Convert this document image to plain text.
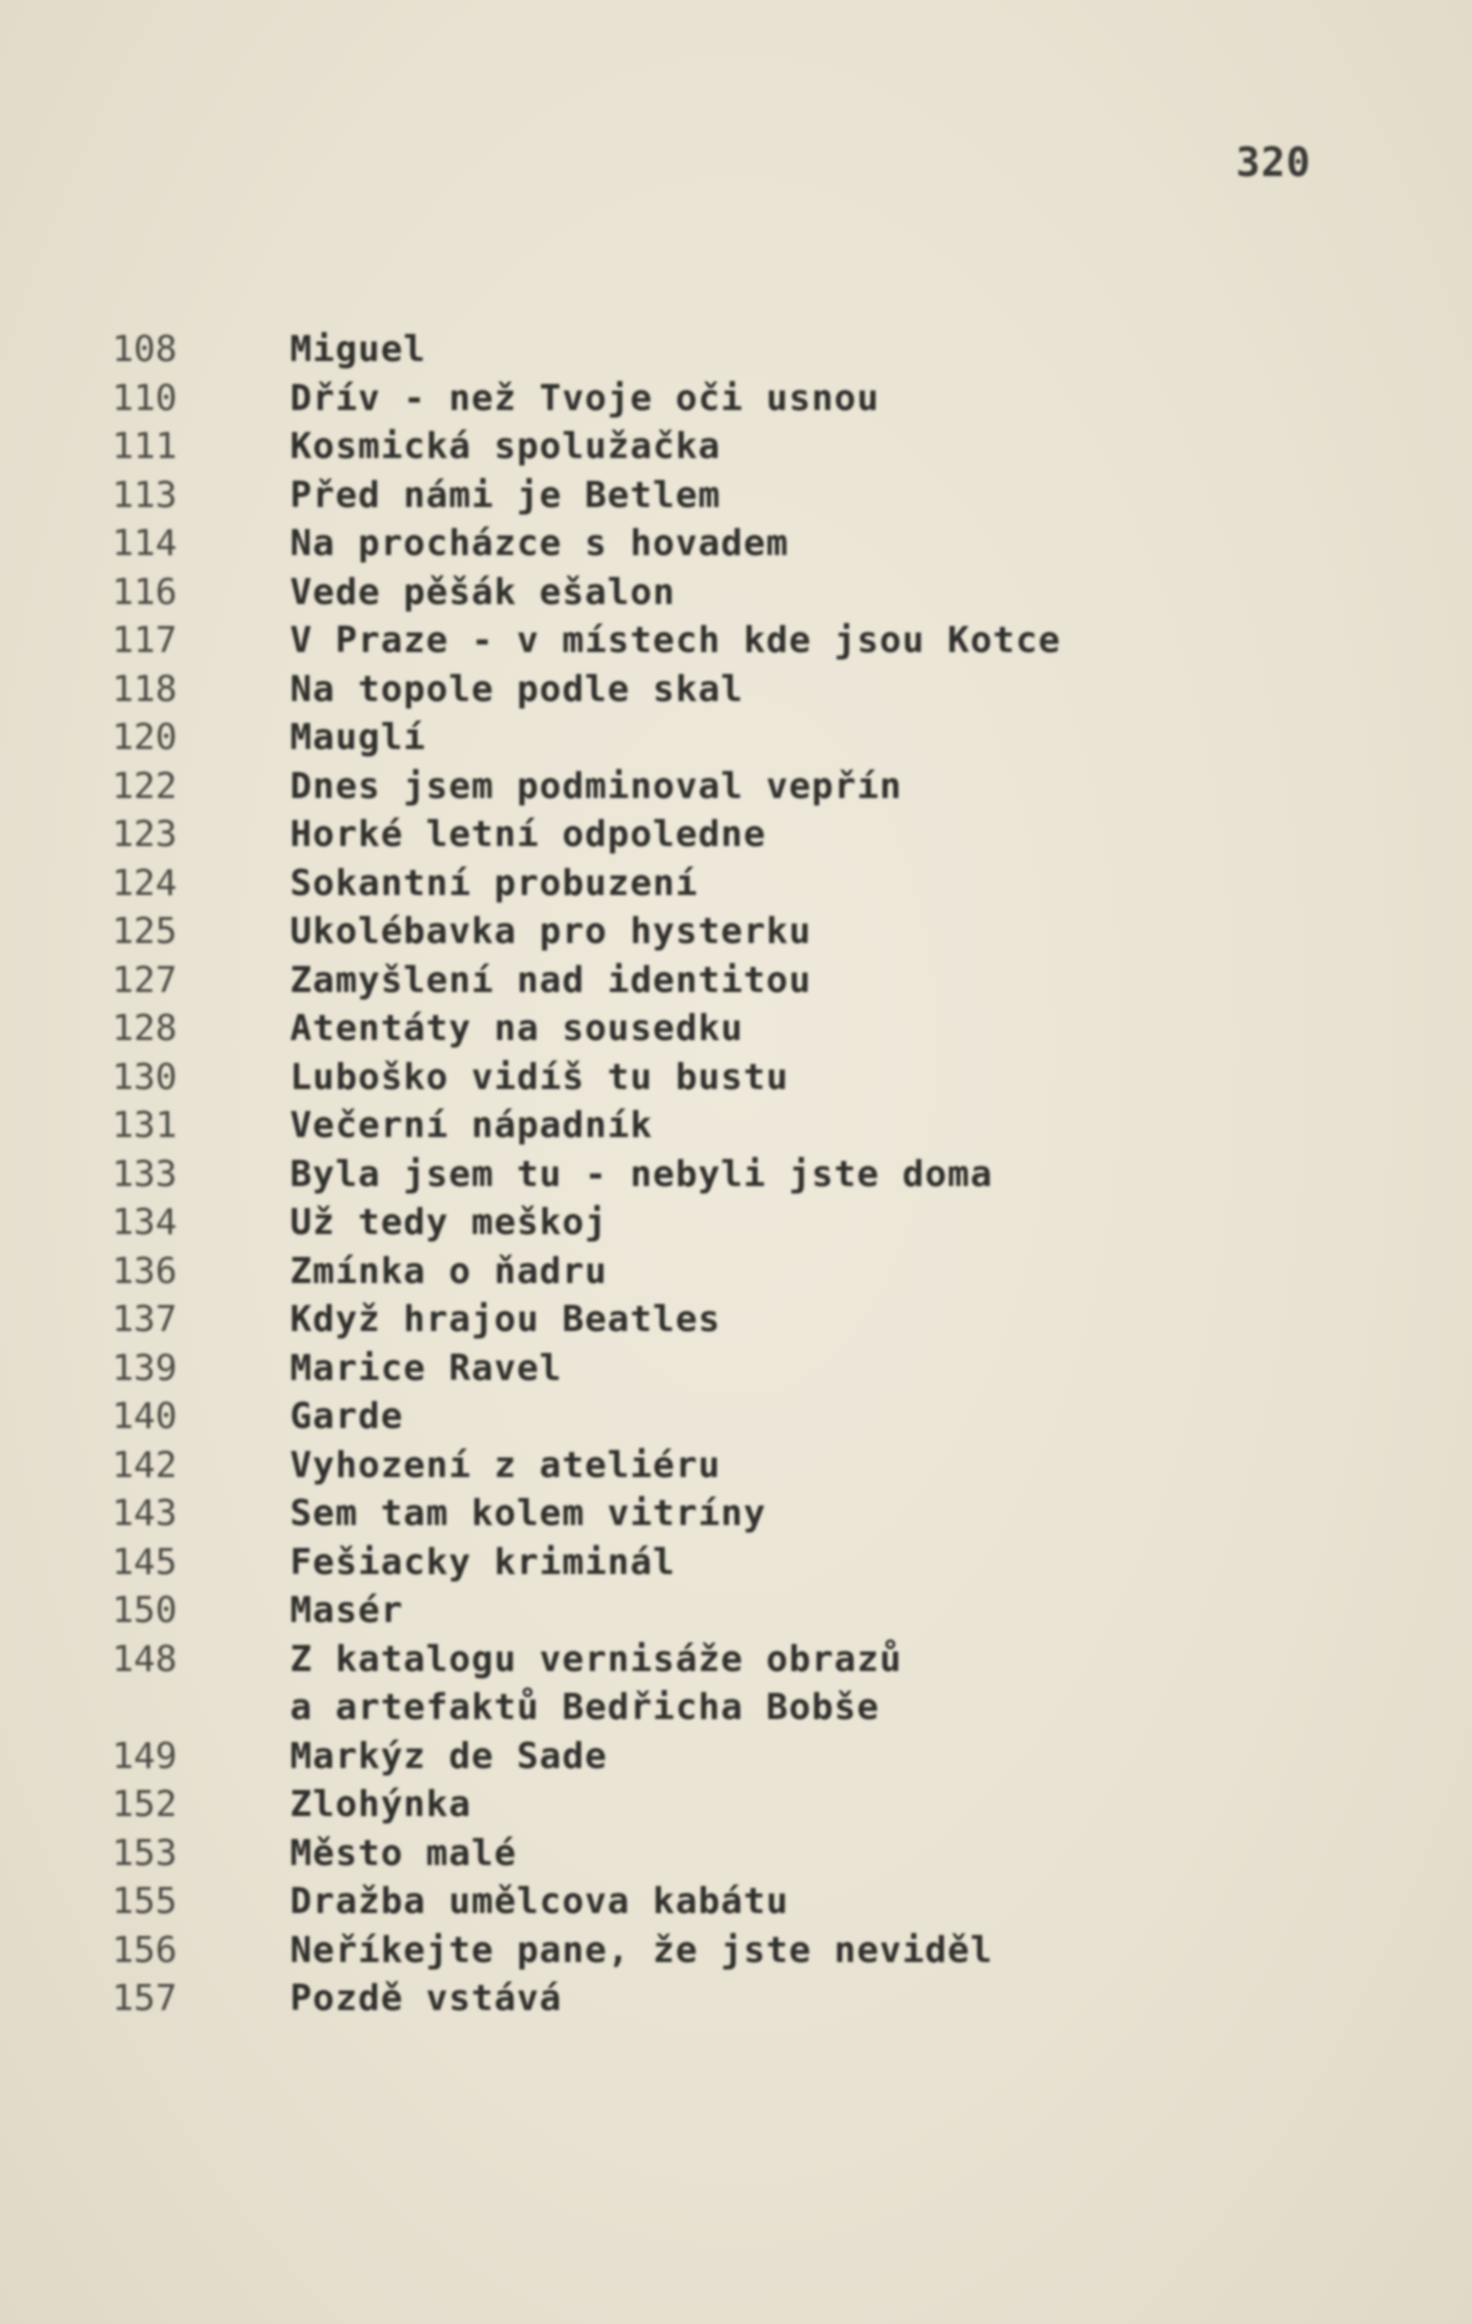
320
108	Miguel
110	Dřív - než Tvoje oči usnou
111	Kosmická spolužačka
113	Před námi je Betlem
114	Na procházce s hovadem
116	Vede pěšák ešalon
117	V Praze - v místech kde jsou Kotce
118	Na topole podle skal
120	Mauglí
122	Dnes jsem podminoval vepřín
123	Horké letní odpoledne
124	Sokantní probuzení
125	Ukolébavka pro hysterku
127	Zamyšlení nad identitou
128	Atentáty na sousedku
130	Luboško vidíš tu bustu
131	Večerní nápadník
133	Byla jsem tu - nebyli jste doma
134	Už tedy meškoj
136	Zmínka o ňadru
137	Když hrajou Beatles
139	Marice Ravel
140	Garde
142	Vyhození z ateliéru
143	Sem tam kolem vitríny
145	Fešiacky kriminál
150	Masér
148	Z katalogu vernisáže obrazů
a artefaktů Bedřicha Bobše
149	Markýz de Sade
152	Zlohýnka
153	Město malé
155	Dražba umělcova kabátu
156	Neříkejte pane, že jste neviděl
157	Pozdě vstává
